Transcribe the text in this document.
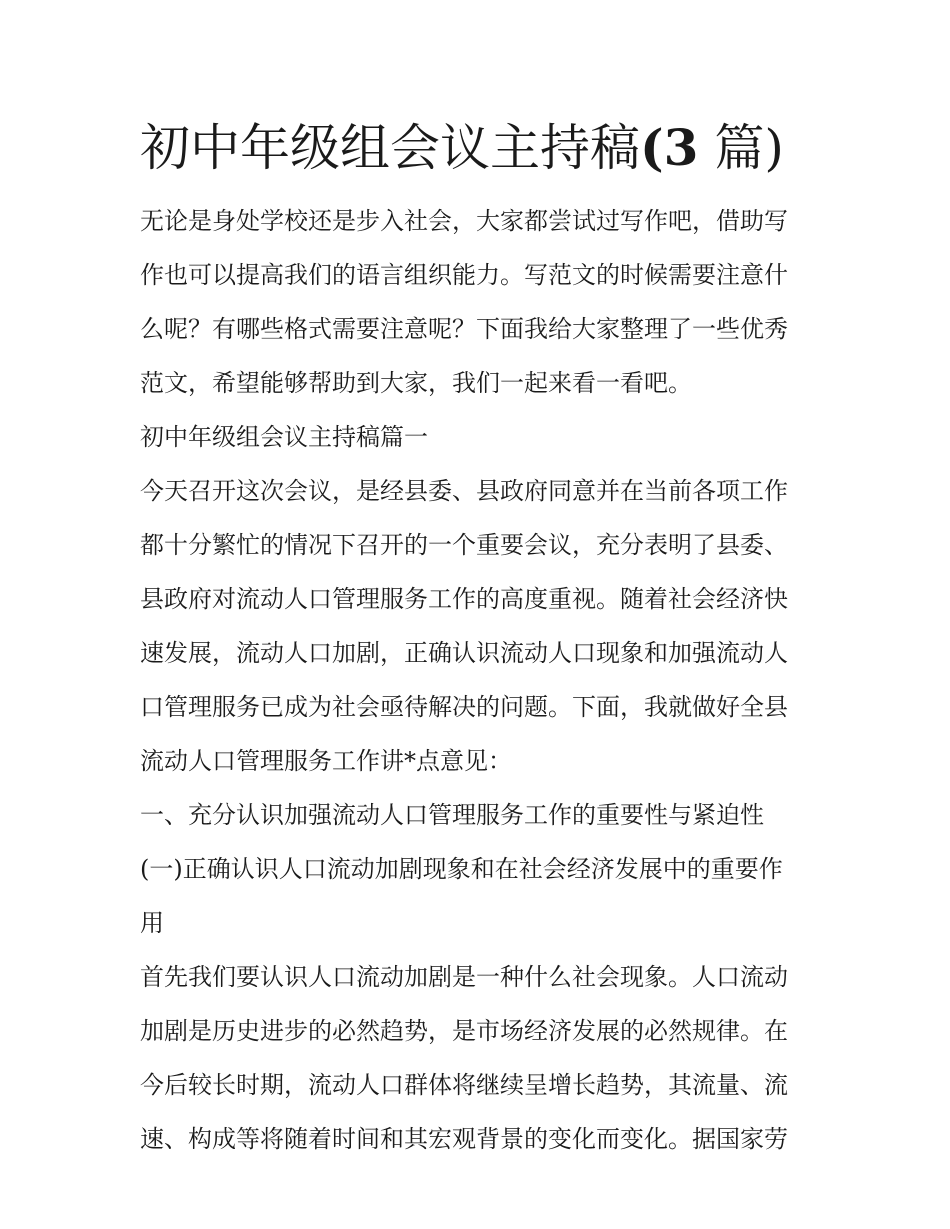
初中年级组会议主持稿(3 篇)

无论是身处学校还是步入社会，大家都尝试过写作吧，借助写

作也可以提高我们的语言组织能力。写范文的时候需要注意什

么呢？有哪些格式需要注意呢？下面我给大家整理了一些优秀

范文，希望能够帮助到大家，我们一起来看一看吧。

初中年级组会议主持稿篇一

今天召开这次会议，是经县委、县政府同意并在当前各项工作

都十分繁忙的情况下召开的一个重要会议，充分表明了县委、

县政府对流动人口管理服务工作的高度重视。随着社会经济快

速发展，流动人口加剧，正确认识流动人口现象和加强流动人

口管理服务已成为社会亟待解决的问题。下面，我就做好全县

流动人口管理服务工作讲*点意见：

一、充分认识加强流动人口管理服务工作的重要性与紧迫性

(一)正确认识人口流动加剧现象和在社会经济发展中的重要作

用

首先我们要认识人口流动加剧是一种什么社会现象。人口流动

加剧是历史进步的必然趋势，是市场经济发展的必然规律。在

今后较长时期，流动人口群体将继续呈增长趋势，其流量、流

速、构成等将随着时间和其宏观背景的变化而变化。据国家劳
